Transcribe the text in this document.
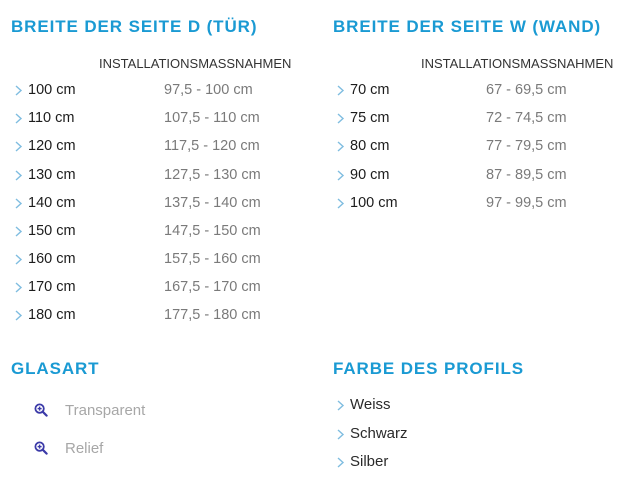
BREITE DER SEITE D (TÜR)
INSTALLATIONSMASSNAHMEN
100 cm	97,5 - 100 cm
110 cm	107,5 - 110 cm
120 cm	117,5 - 120 cm
130 cm	127,5 - 130 cm
140 cm	137,5 - 140 cm
150 cm	147,5 - 150 cm
160 cm	157,5 - 160 cm
170 cm	167,5 - 170 cm
180 cm	177,5 - 180 cm
GLASART
Transparent
Relief
BREITE DER SEITE W (WAND)
INSTALLATIONSMASSNAHMEN
70 cm	67 - 69,5 cm
75 cm	72 - 74,5 cm
80 cm	77 - 79,5 cm
90 cm	87 - 89,5 cm
100 cm	97 - 99,5 cm
FARBE DES PROFILS
Weiss
Schwarz
Silber
